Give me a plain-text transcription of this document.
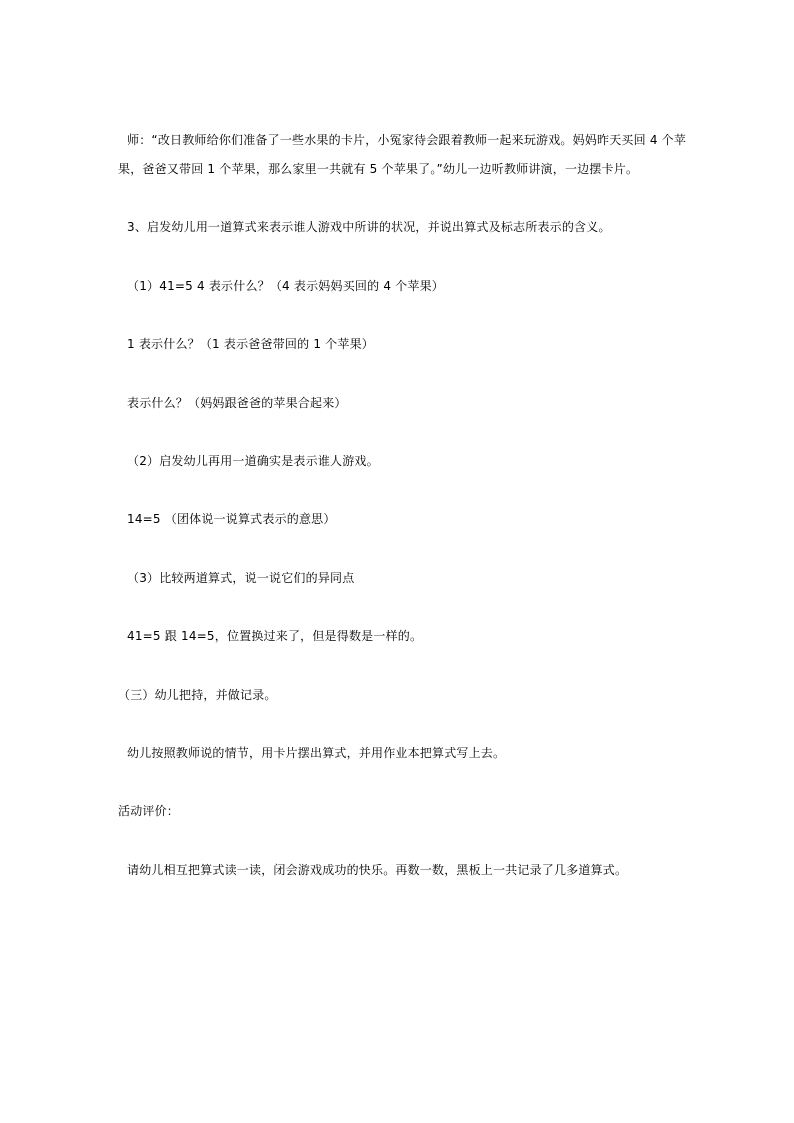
师：“改日教师给你们准备了一些水果的卡片，小冤家待会跟着教师一起来玩游戏。妈妈昨天买回 4 个苹
果，爸爸又带回 1 个苹果，那么家里一共就有 5 个苹果了。”幼儿一边听教师讲演，一边摆卡片。
3、启发幼儿用一道算式来表示谁人游戏中所讲的状况，并说出算式及标志所表示的含义。
（1）41=5 4 表示什么？（4 表示妈妈买回的 4 个苹果）
1 表示什么？（1 表示爸爸带回的 1 个苹果）
表示什么？（妈妈跟爸爸的苹果合起来）
（2）启发幼儿再用一道确实是表示谁人游戏。
14=5 （团体说一说算式表示的意思）
（3）比较两道算式，说一说它们的异同点
41=5 跟 14=5，位置换过来了，但是得数是一样的。
（三）幼儿把持，并做记录。
幼儿按照教师说的情节，用卡片摆出算式，并用作业本把算式写上去。
活动评价：
请幼儿相互把算式读一读，闭会游戏成功的快乐。再数一数，黑板上一共记录了几多道算式。
